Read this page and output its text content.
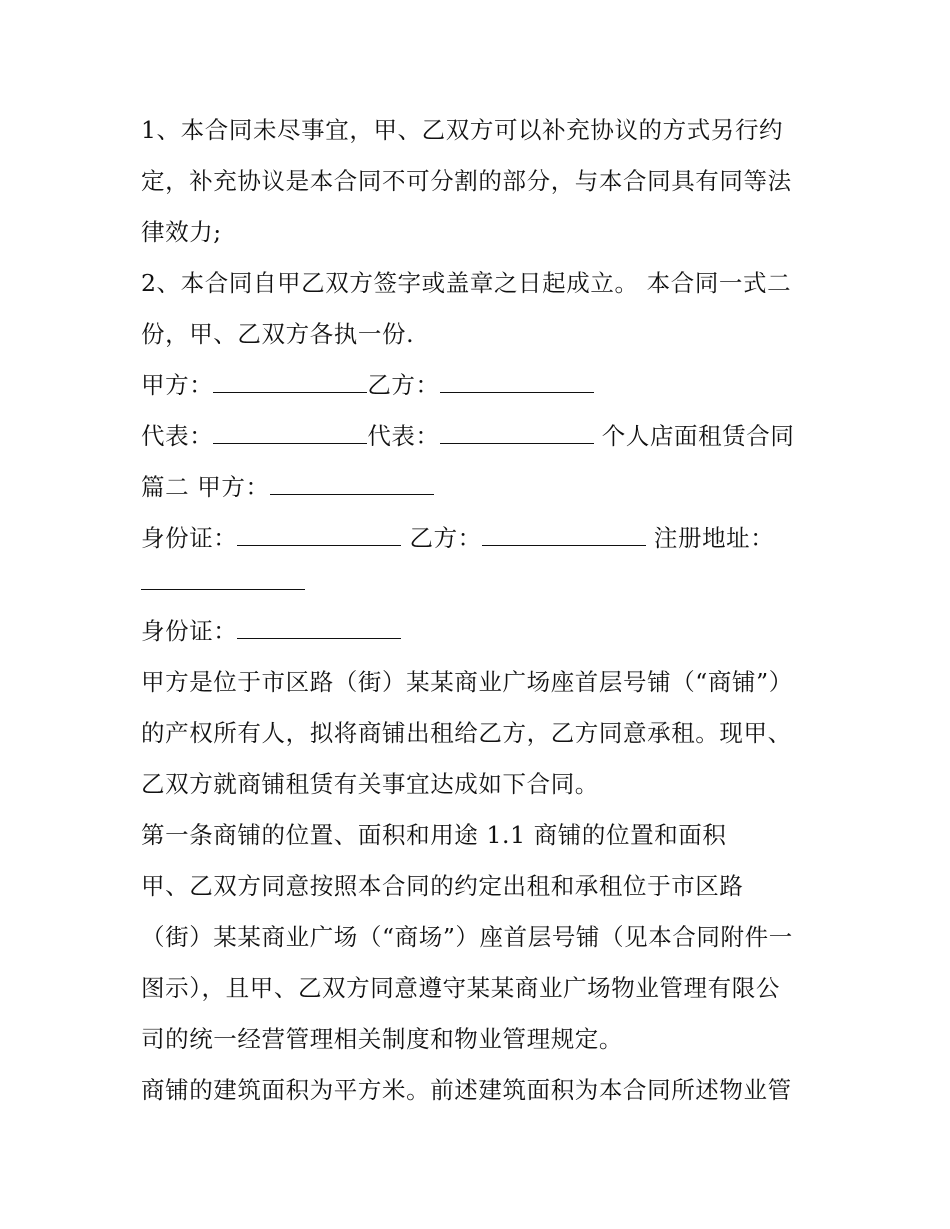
1、本合同未尽事宜，甲、乙双方可以补充协议的方式另行约
定，补充协议是本合同不可分割的部分，与本合同具有同等法
律效力;
2、本合同自甲乙双方签字或盖章之日起成立。 本合同一式二
份，甲、乙双方各执一份.
甲方：	乙方：
代表：	代表：	个人店面租赁合同
篇二 甲方：
身份证：	乙方：	注册地址：
身份证：
甲方是位于市区路（街）某某商业广场座首层号铺（“商铺”）
的产权所有人，拟将商铺出租给乙方，乙方同意承租。现甲、
乙双方就商铺租赁有关事宜达成如下合同。
第一条商铺的位置、面积和用途 1.1 商铺的位置和面积
甲、乙双方同意按照本合同的约定出租和承租位于市区路
（街）某某商业广场（“商场”）座首层号铺（见本合同附件一
图示），且甲、乙双方同意遵守某某商业广场物业管理有限公
司的统一经营管理相关制度和物业管理规定。
商铺的建筑面积为平方米。前述建筑面积为本合同所述物业管
